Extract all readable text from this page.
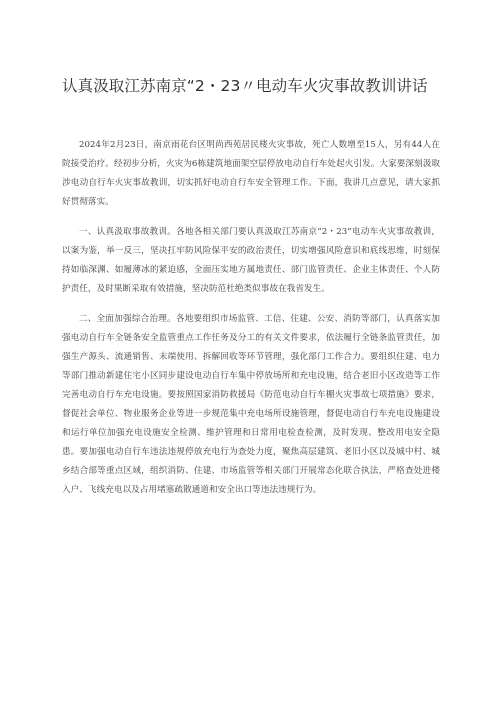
认真汲取江苏南京“2・23〃电动车火灾事故教训讲话

2024年2月23日，南京雨花台区明尚西苑居民楼火灾事故，死亡人数增至15人，另有44人在院接受治疗。经初步分析，火灾为6栋建筑地面架空层停放电动自行车处起火引发。大家要深刻汲取涉电动自行车火灾事故教训，切实抓好电动自行车安全管理工作。下面，我讲几点意见，请大家抓好贯彻落实。

一、认真汲取事故教训。各地各相关部门要认真汲取江苏南京“2・23”电动车火灾事故教训，以案为鉴，举一反三，坚决扛牢防风险保平安的政治责任，切实增强风险意识和底线思维，时刻保持如临深渊、如履薄冰的紧迫感，全面压实地方属地责任、部门监管责任、企业主体责任、个人防护责任，及时果断采取有效措施，坚决防范杜绝类似事故在我省发生。

二、全面加强综合治理。各地要组织市场监管、工信、住建、公安、消防等部门，认真落实加强电动自行车全链条安全监管重点工作任务及分工的有关文件要求，依法履行全链条监管责任，加强生产源头、流通销售、末端使用、拆解回收等环节管理，强化部门工作合力。要组织住建、电力等部门推动新建住宅小区同步建设电动自行车集中停放场所和充电设施，结合老旧小区改造等工作完善电动自行车充电设施。要按照国家消防救援局《防范电动自行车棚火灾事故七项措施》要求，督促社会单位、物业服务企业等进一步规范集中充电场所设施管理，督促电动自行车充电设施建设和运行单位加强充电设施安全检测、维护管理和日常用电检查检测，及时发现、整改用电安全隐患。要加强电动自行车违法违规停放充电行为查处力度，聚焦高层建筑、老旧小区以及城中村、城乡结合部等重点区域，组织消防、住建、市场监管等相关部门开展常态化联合执法，严格查处进楼入户、飞线充电以及占用堵塞疏散通道和安全出口等违法违规行为。
